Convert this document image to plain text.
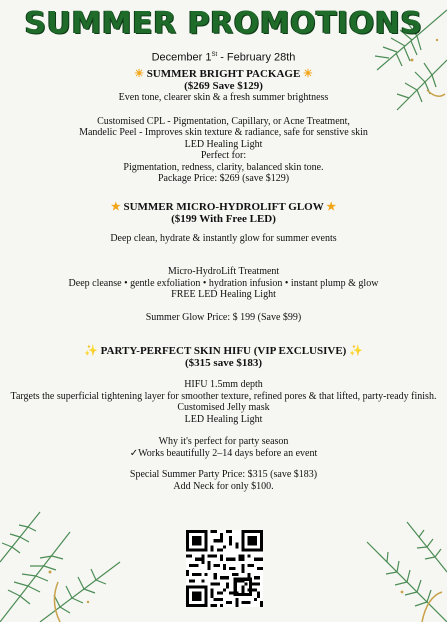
SUMMER PROMOTIONS
December 1St - February 28th
☀ SUMMER BRIGHT PACKAGE ☀
($269 Save $129)
Even tone, clearer skin & a fresh summer brightness
Customised CPL - Pigmentation, Capillary, or Acne Treatment,
Mandelic Peel - Improves skin texture & radiance, safe for senstive skin
LED Healing Light
Perfect for:
Pigmentation, redness, clarity, balanced skin tone.
Package Price: $269 (save $129)
★ SUMMER MICRO-HYDROLIFT GLOW ★
($199 With Free LED)
Deep clean, hydrate & instantly glow for summer events
Micro-HydroLift Treatment
Deep cleanse • gentle exfoliation • hydration infusion • instant plump & glow
FREE LED Healing Light
Summer Glow Price: $ 199 (Save $99)
✨ PARTY-PERFECT SKIN HIFU (VIP EXCLUSIVE) ✨
($315 save $183)
HIFU 1.5mm depth
Targets the superficial tightening layer for smoother texture, refined pores & that lifted, party-ready finish.
Customised Jelly mask
LED Healing Light
Why it's perfect for party season
✓Works beautifully 2–14 days before an event
Special Summer Party Price: $315 (save $183)
Add Neck for only $100.
